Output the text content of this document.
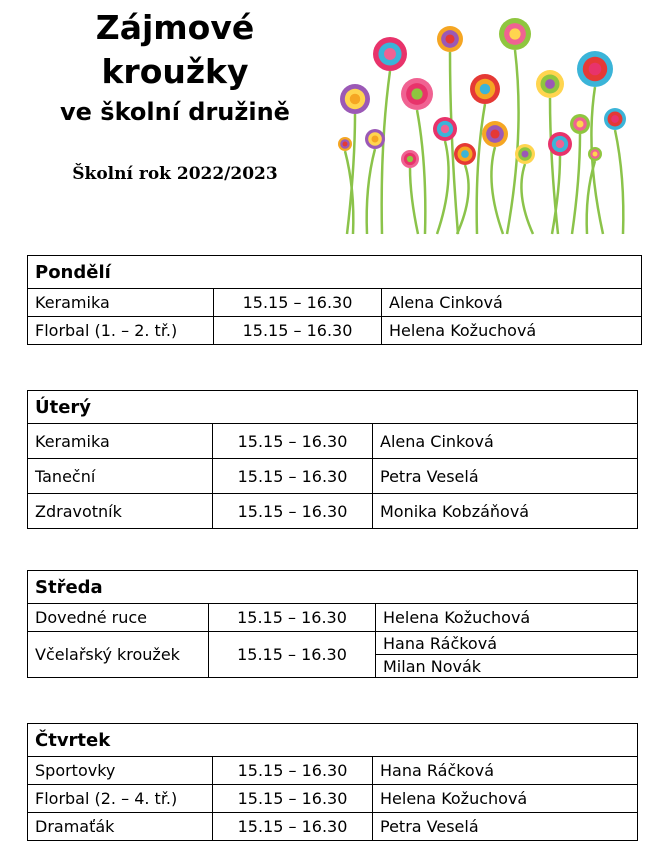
Zájmové
kroužky
ve školní družině
Školní rok 2022/2023
Pondělí		
Keramika	15.15 – 16.30	Alena Cinková
Florbal (1. – 2. tř.)	15.15 – 16.30	Helena Kožuchová
Úterý		
Keramika	15.15 – 16.30	Alena Cinková
Taneční	15.15 – 16.30	Petra Veselá
Zdravotník	15.15 – 16.30	Monika Kobzáňová
Středa		
Dovedné ruce	15.15 – 16.30	Helena Kožuchová
Včelařský kroužek	15.15 – 16.30	Hana Ráčková
		Milan Novák
Čtvrtek		
Sportovky	15.15 – 16.30	Hana Ráčková
Florbal (2. – 4. tř.)	15.15 – 16.30	Helena Kožuchová
Dramaťák	15.15 – 16.30	Petra Veselá
